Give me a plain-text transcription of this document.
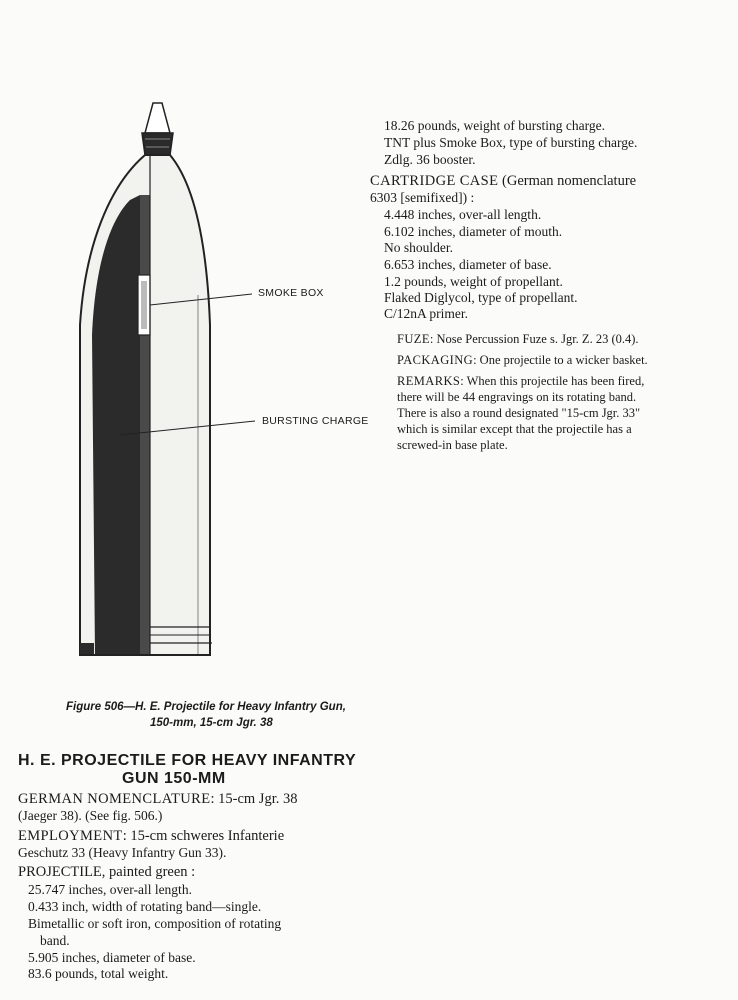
SMOKE BOX
BURSTING CHARGE
Figure 506—H. E. Projectile for Heavy Infantry Gun,
150-mm, 15-cm Jgr. 38
H. E. PROJECTILE FOR HEAVY INFANTRY
GUN 150-MM
GERMAN NOMENCLATURE: 15-cm Jgr. 38
(Jaeger 38). (See fig. 506.)
EMPLOYMENT: 15-cm schweres Infanterie
Geschutz 33 (Heavy Infantry Gun 33).
PROJECTILE, painted green :
25.747 inches, over-all length.
0.433 inch, width of rotating band—single.
Bimetallic or soft iron, composition of rotating
band.
5.905 inches, diameter of base.
83.6 pounds, total weight.
18.26 pounds, weight of bursting charge.
TNT plus Smoke Box, type of bursting charge.
Zdlg. 36 booster.
CARTRIDGE CASE (German nomenclature
6303 [semifixed]) :
4.448 inches, over-all length.
6.102 inches, diameter of mouth.
No shoulder.
6.653 inches, diameter of base.
1.2 pounds, weight of propellant.
Flaked Diglycol, type of propellant.
C/12nA primer.
FUZE: Nose Percussion Fuze s. Jgr. Z. 23 (0.4).
PACKAGING: One projectile to a wicker basket.
REMARKS: When this projectile has been fired,
there will be 44 engravings on its rotating band.
There is also a round designated "15-cm Jgr. 33"
which is similar except that the projectile has a
screwed-in base plate.
